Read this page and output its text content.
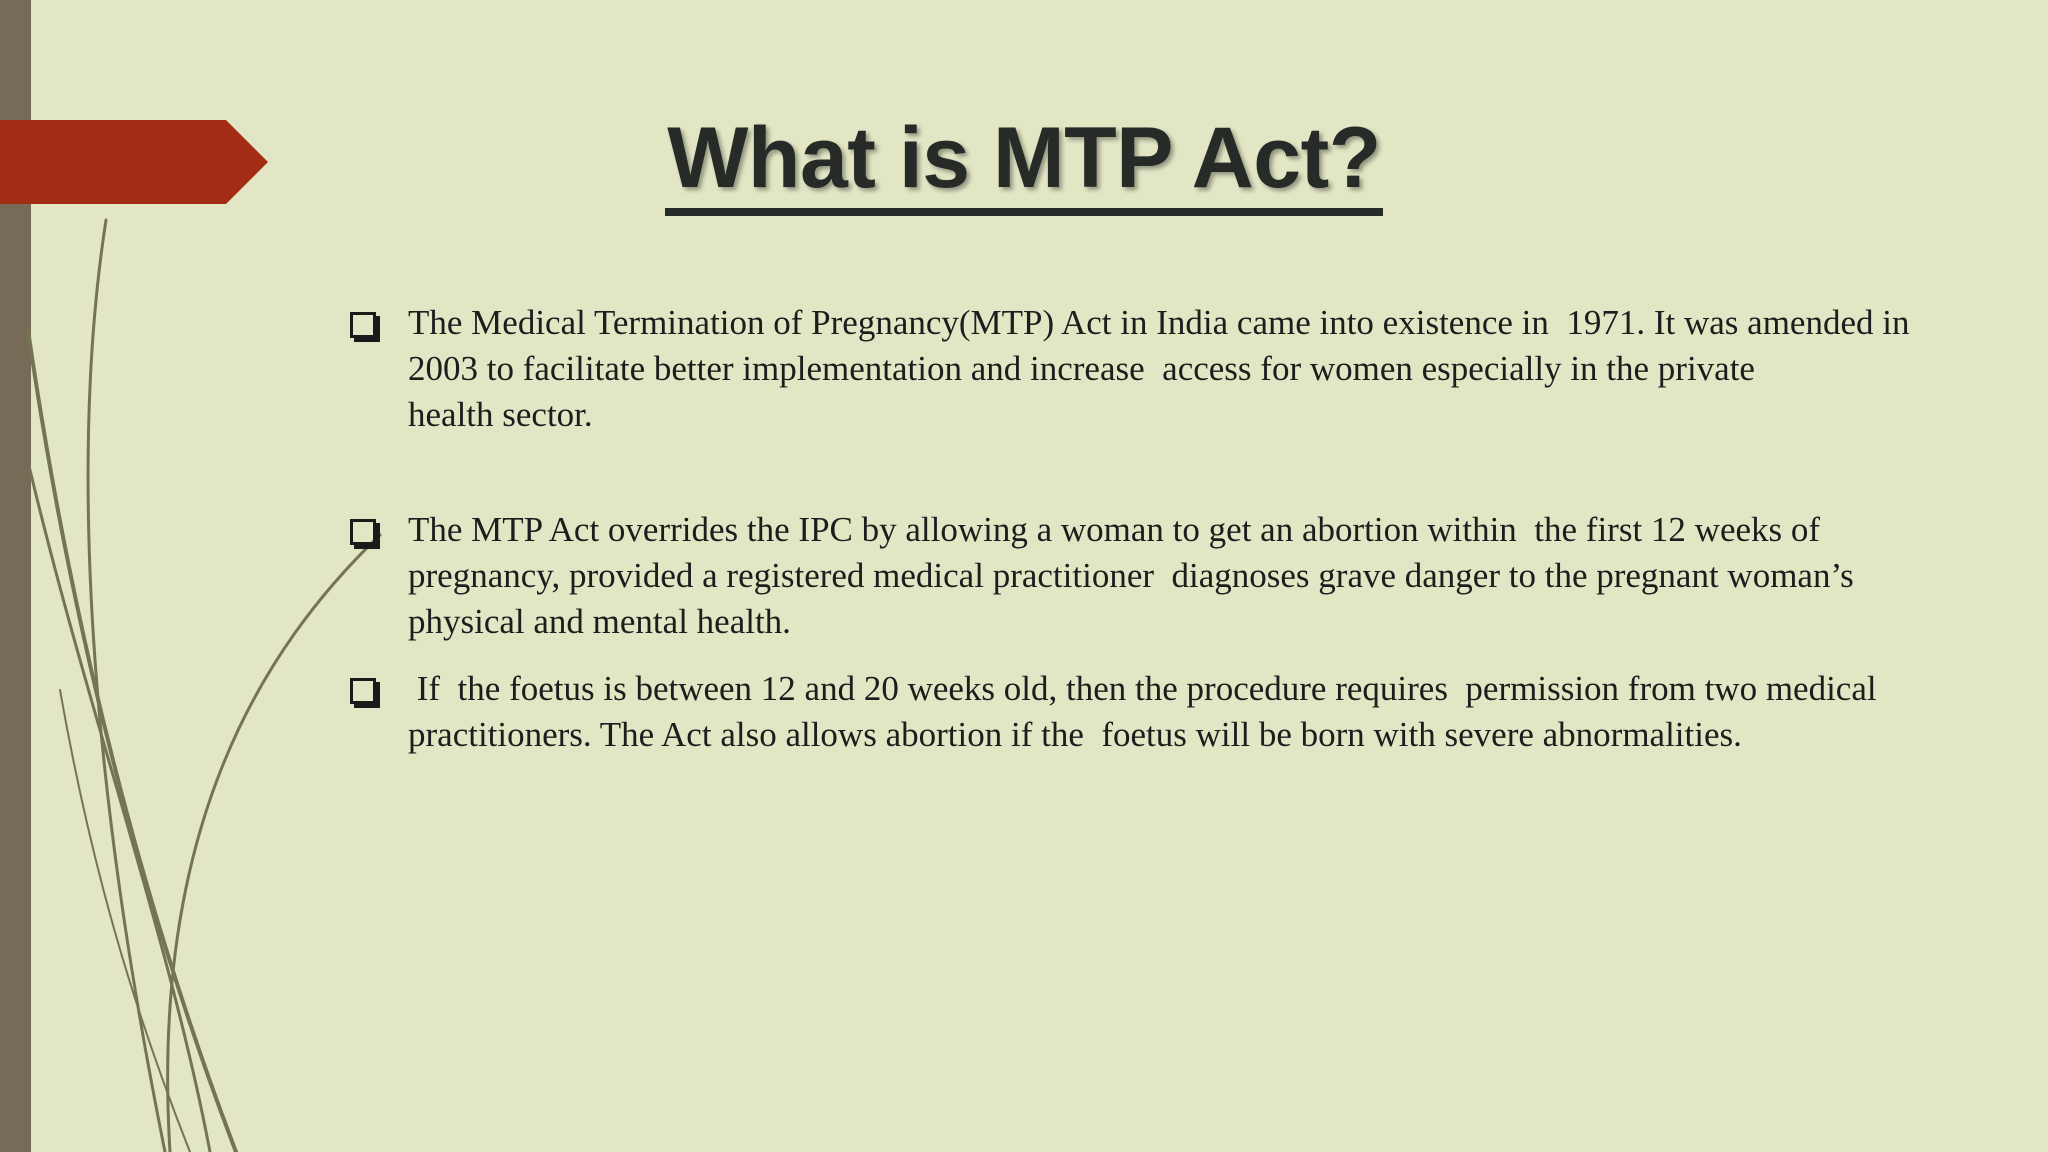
What is MTP Act?
The Medical Termination of Pregnancy(MTP) Act in India came into existence in  1971. It was amended in 2003 to facilitate better implementation and increase  access for women especially in the private health sector.
The MTP Act overrides the IPC by allowing a woman to get an abortion within  the first 12 weeks of pregnancy, provided a registered medical practitioner  diagnoses grave danger to the pregnant woman’s physical and mental health.
If  the foetus is between 12 and 20 weeks old, then the procedure requires  permission from two medical practitioners. The Act also allows abortion if the  foetus will be born with severe abnormalities.
